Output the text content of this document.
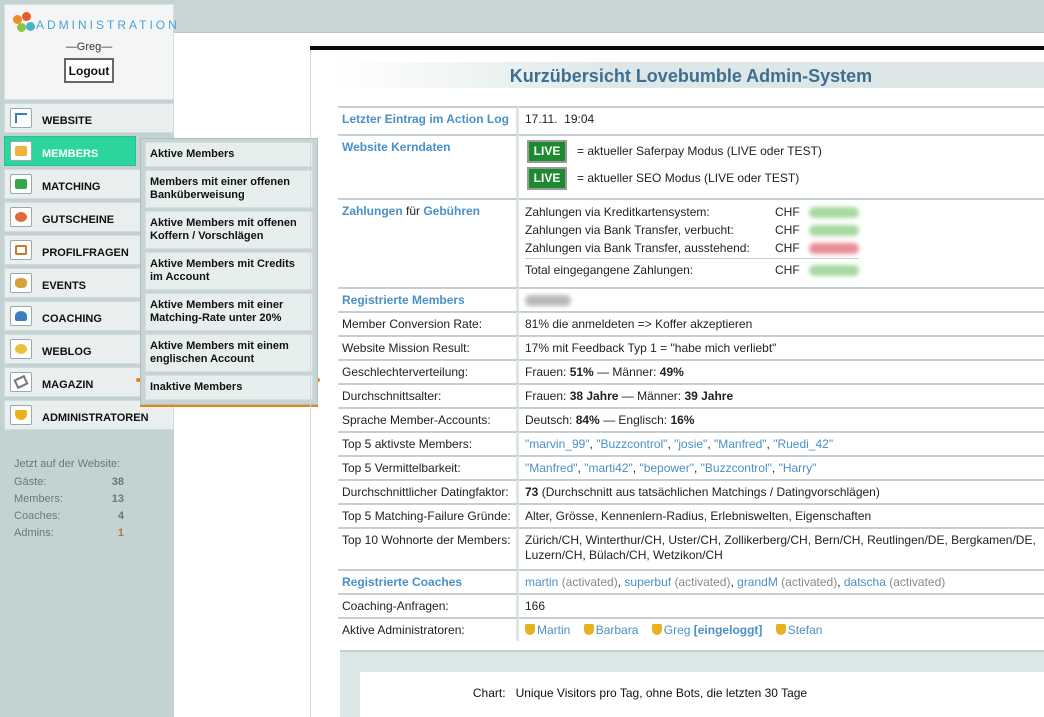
ADMINISTRATION
—Greg—
Logout
WEBSITE
MEMBERS
MATCHING
GUTSCHEINE
PROFILFRAGEN
EVENTS
COACHING
WEBLOG
MAGAZIN
ADMINISTRATOREN
Jetzt auf der Website:
Gäste:	38
Members:	13
Coaches:	4
Admins:	1
Aktive Members
Members mit einer offenen Banküberweisung
Aktive Members mit offenen Koffern / Vorschlägen
Aktive Members mit Credits im Account
Aktive Members mit einer Matching-Rate unter 20%
Aktive Members mit einem englischen Account
Inaktive Members
Kurzübersicht Lovebumble Admin-System
Letzter Eintrag im Action Log	17.11.  19:04
Website Kerndaten	LIVE	= aktueller Saferpay Modus (LIVE oder TEST)
LIVE	= aktueller SEO Modus (LIVE oder TEST)

Zahlungen für Gebühren		Zahlungen via Kreditkartensystem:	CHF	
Zahlungen via Bank Transfer, verbucht:	CHF	
Zahlungen via Bank Transfer, ausstehend:	CHF	
Total eingegangene Zahlungen:	CHF	

Registrierte Members	
Member Conversion Rate:	81% die anmeldeten => Koffer akzeptieren
Website Mission Result:	17% mit Feedback Typ 1 = "habe mich verliebt"
Geschlechterverteilung:	Frauen: 51% — Männer: 49%
Durchschnittsalter:	Frauen: 38 Jahre — Männer: 39 Jahre
Sprache Member-Accounts:	Deutsch: 84% — Englisch: 16%
Top 5 aktivste Members:	"marvin_99", "Buzzcontrol", "josie", "Manfred", "Ruedi_42"
Top 5 Vermittelbarkeit:	"Manfred", "marti42", "bepower", "Buzzcontrol", "Harry"
Durchschnittlicher Datingfaktor:	73 (Durchschnitt aus tatsächlichen Matchings / Datingvorschlägen)
Top 5 Matching-Failure Gründe:	Alter, Grösse, Kennenlern-Radius, Erlebniswelten, Eigenschaften
Top 10 Wohnorte der Members:	Zürich/CH, Winterthur/CH, Uster/CH, Zollikerberg/CH, Bern/CH, Reutlingen/DE, Bergkamen/DE, Luzern/CH, Bülach/CH, Wetzikon/CH
Registrierte Coaches	martin (activated), superbuf (activated), grandM (activated), datscha (activated)
Coaching-Anfragen:	166
Aktive Administratoren:	Martin Barbara Greg [eingeloggt] Stefan
Chart:   Unique Visitors pro Tag, ohne Bots, die letzten 30 Tage
